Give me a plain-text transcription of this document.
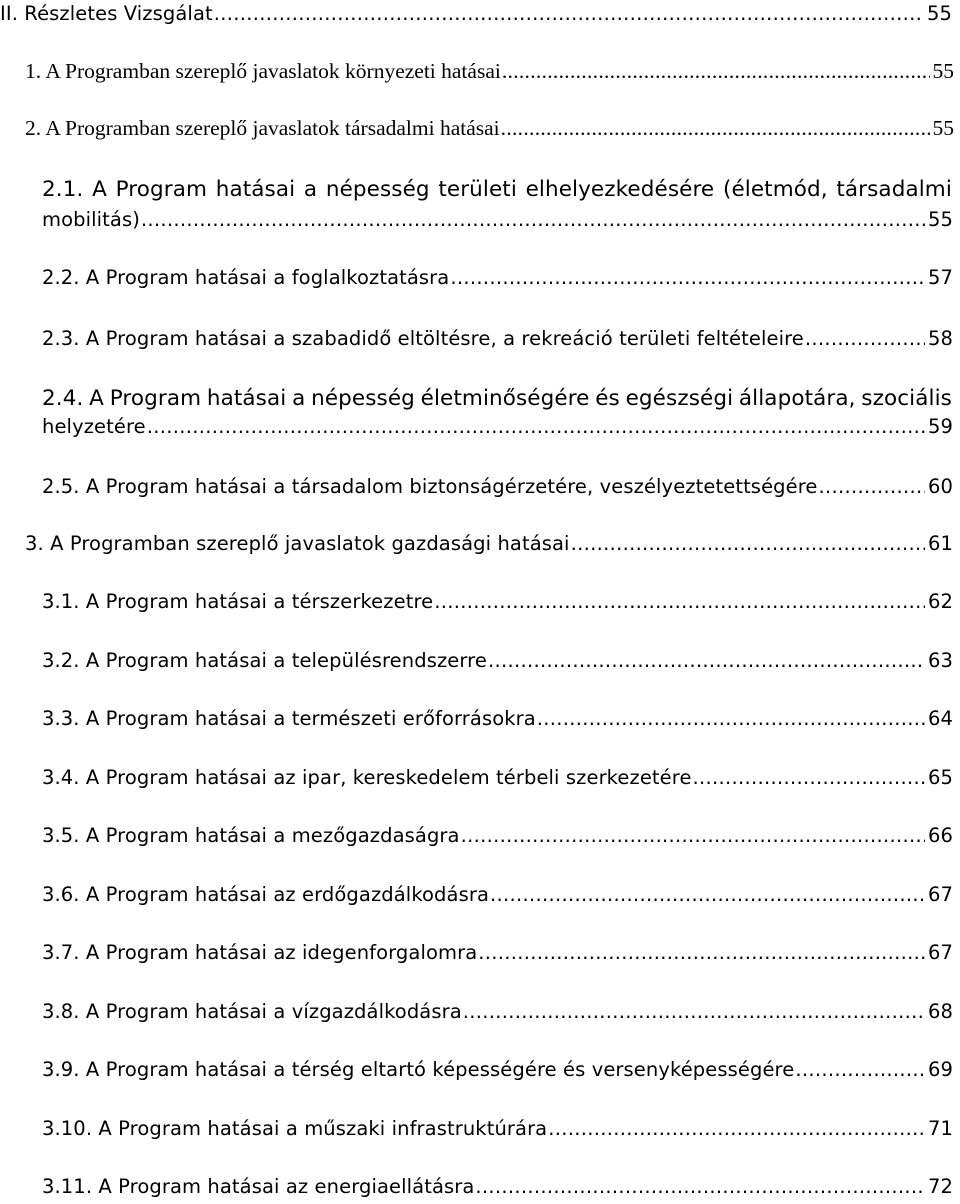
II. Részletes Vizsgálat .....	55
1. A Programban szereplő javaslatok környezeti hatásai .....	55
2. A Programban szereplő javaslatok társadalmi hatásai .....	55
2.1. A Program hatásai a népesség területi elhelyezkedésére (életmód, társadalmi
mobilitás) .....	55
2.2. A Program hatásai a foglalkoztatásra .....	57
2.3. A Program hatásai a szabadidő eltöltésre, a rekreáció területi feltételeire .....	58
2.4. A Program hatásai a népesség életminőségére és egészségi állapotára, szociális
helyzetére .....	59
2.5. A Program hatásai a társadalom biztonságérzetére, veszélyeztetettségére .....	60
3. A Programban szereplő javaslatok gazdasági hatásai .....	61
3.1. A Program hatásai a térszerkezetre .....	62
3.2. A Program hatásai a településrendszerre .....	63
3.3. A Program hatásai a természeti erőforrásokra .....	64
3.4. A Program hatásai az ipar, kereskedelem térbeli szerkezetére .....	65
3.5. A Program hatásai a mezőgazdaságra .....	66
3.6. A Program hatásai az erdőgazdálkodásra .....	67
3.7. A Program hatásai az idegenforgalomra .....	67
3.8. A Program hatásai a vízgazdálkodásra .....	68
3.9. A Program hatásai a térség eltartó képességére és versenyképességére .....	69
3.10. A Program hatásai a műszaki infrastruktúrára .....	71
3.11. A Program hatásai az energiaellátásra .....	72
